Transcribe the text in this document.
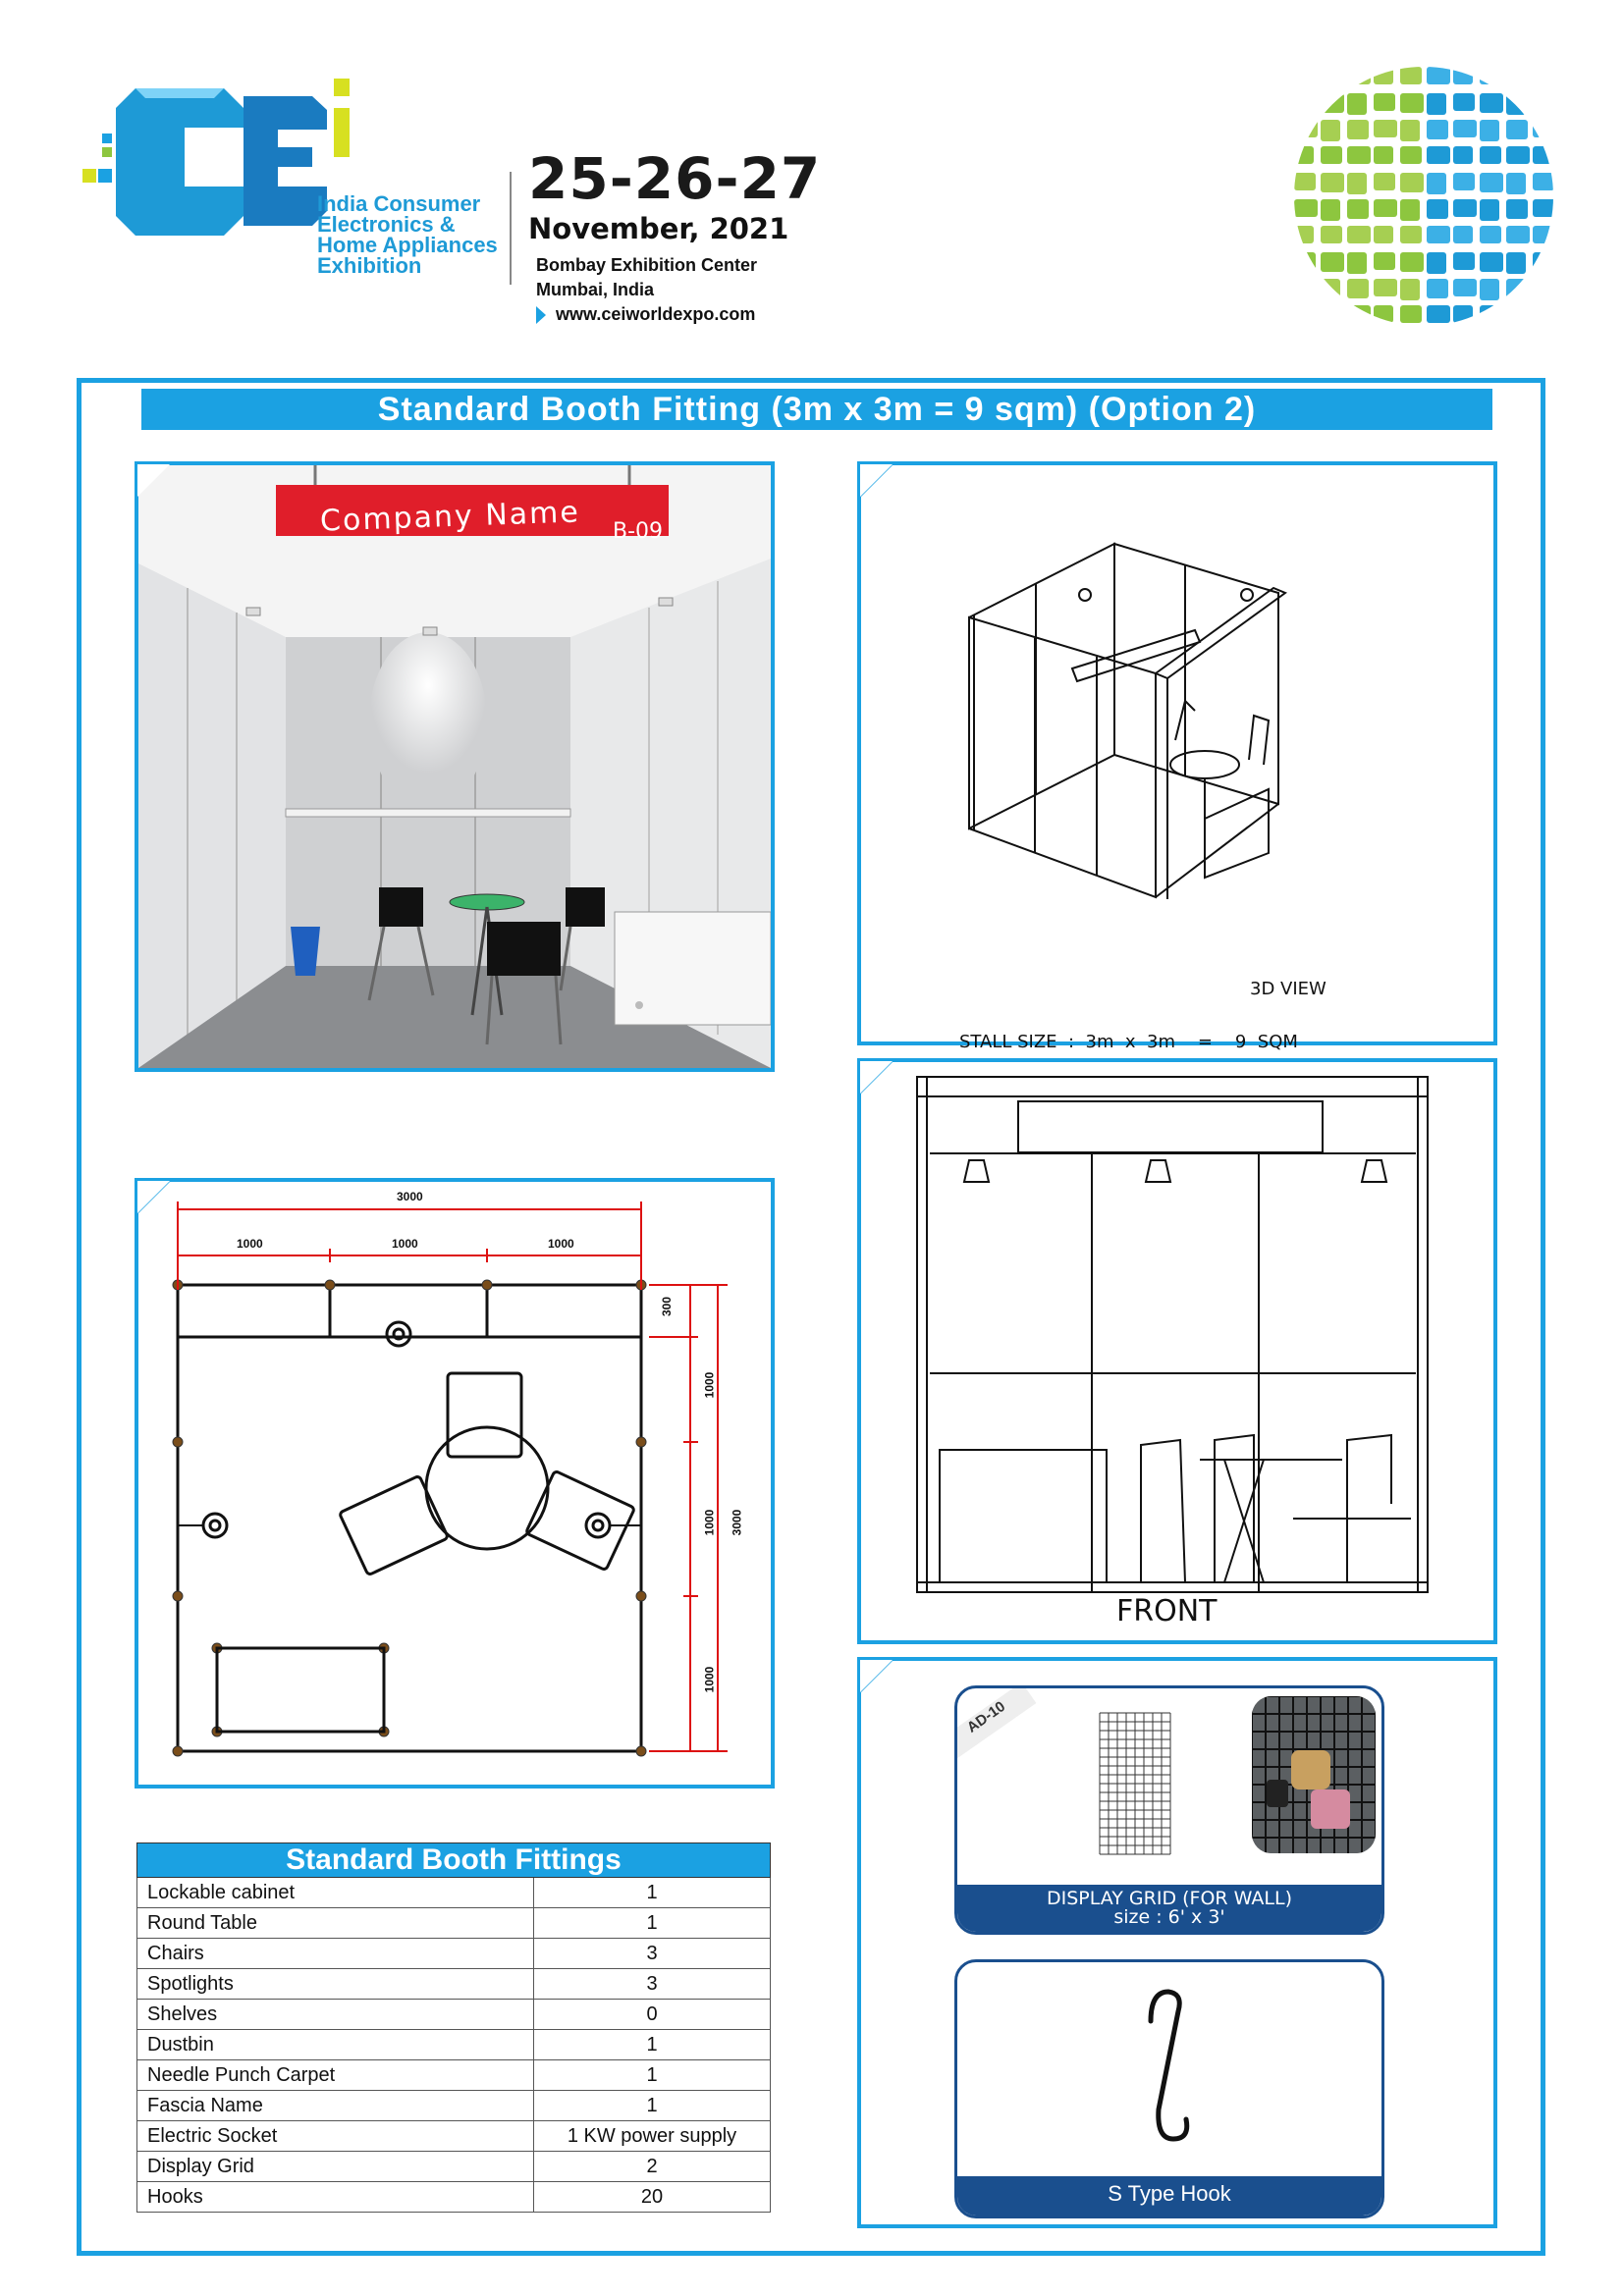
India Consumer Electronics & Home Appliances Exhibition
25-26-27
November, 2021
Bombay Exhibition Center
Mumbai, India
www.ceiworldexpo.com
Standard Booth Fitting (3m x 3m = 9 sqm) (Option 2)
Company Name B-09
3D VIEW
STALL SIZE  :  3m  x  3m    =    9  SQM
3000
1000	1000	1000
300
1000
1000
1000
3000
FRONT
AD-10
DISPLAY GRID (FOR WALL)
size : 6' x 3'
S Type Hook
Standard Booth Fittings	
Lockable cabinet	1
Round Table	1
Chairs	3
Spotlights	3
Shelves	0
Dustbin	1
Needle Punch Carpet	1
Fascia Name	1
Electric Socket	1 KW power supply
Display Grid	2
Hooks	20
